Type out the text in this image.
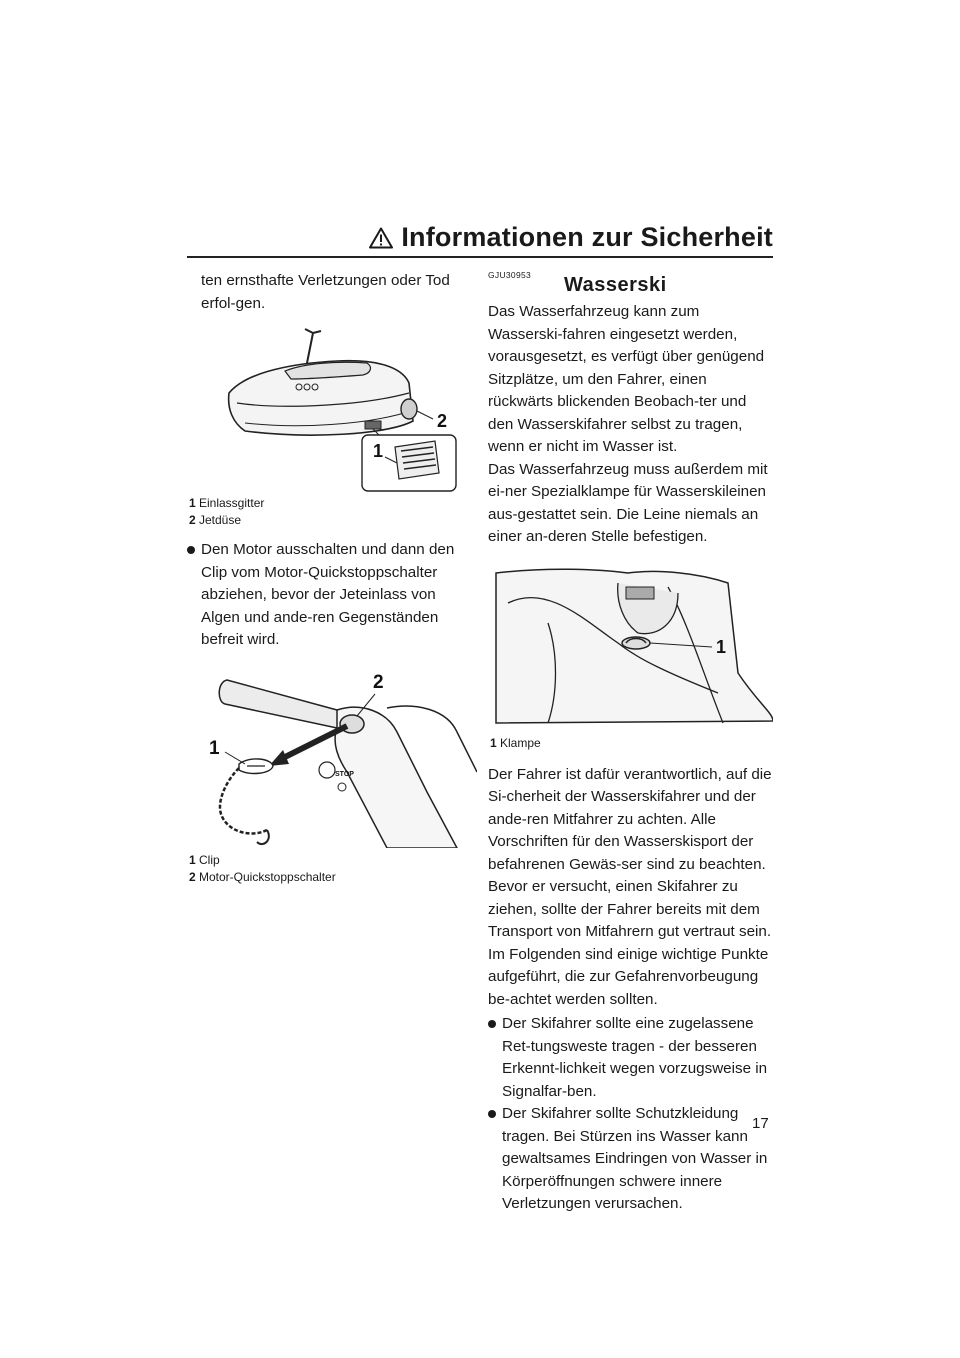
Informationen zur Sicherheit

ten ernsthafte Verletzungen oder Tod erfol-gen.

2
1

1 Einlassgitter

2 Jetdüse

Den Motor ausschalten und dann den Clip vom Motor-Quickstoppschalter abziehen, bevor der Jeteinlass von Algen und ande-ren Gegenständen befreit wird.

STOP
1
2

1 Clip

2 Motor-Quickstoppschalter

GJU30953	Wasserski

Das Wasserfahrzeug kann zum Wasserski-fahren eingesetzt werden, vorausgesetzt, es verfügt über genügend Sitzplätze, um den Fahrer, einen rückwärts blickenden Beobach-ter und den Wasserskifahrer selbst zu tragen, wenn er nicht im Wasser ist.

Das Wasserfahrzeug muss außerdem mit ei-ner Spezialklampe für Wasserskileinen aus-gestattet sein. Die Leine niemals an einer an-deren Stelle befestigen.

1

1 Klampe

Der Fahrer ist dafür verantwortlich, auf die Si-cherheit der Wasserskifahrer und der ande-ren Mitfahrer zu achten. Alle Vorschriften für den Wasserskisport der befahrenen Gewäs-ser sind zu beachten.

Bevor er versucht, einen Skifahrer zu ziehen, sollte der Fahrer bereits mit dem Transport von Mitfahrern gut vertraut sein.

Im Folgenden sind einige wichtige Punkte aufgeführt, die zur Gefahrenvorbeugung be-achtet werden sollten.

Der Skifahrer sollte eine zugelassene Ret-tungsweste tragen - der besseren Erkennt-lichkeit wegen vorzugsweise in Signalfar-ben.

Der Skifahrer sollte Schutzkleidung tragen. Bei Stürzen ins Wasser kann gewaltsames Eindringen von Wasser in Körperöffnungen schwere innere Verletzungen verursachen.

17
